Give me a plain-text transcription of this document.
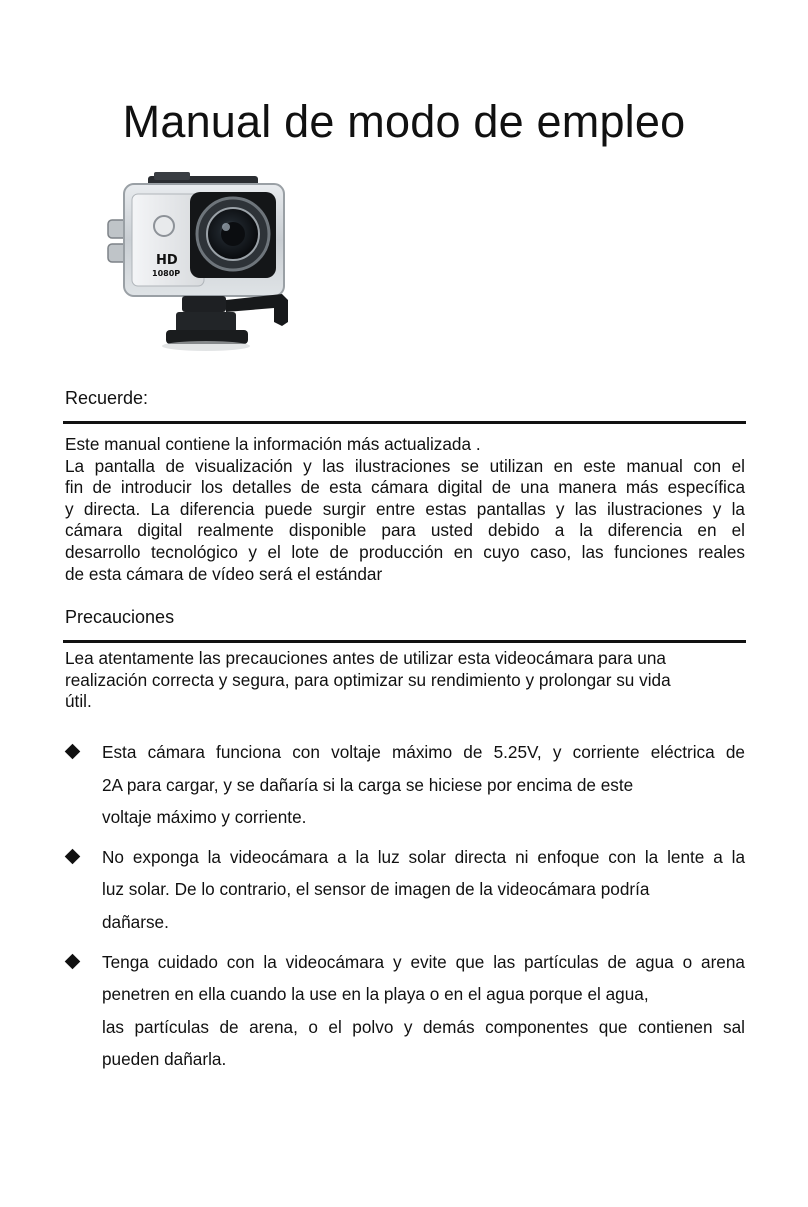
Manual de modo de empleo
HD
1080P
Recuerde:
Este manual contiene la información más actualizada .
La pantalla de visualización y las ilustraciones se utilizan en este manual con el
fin de introducir los detalles de esta cámara digital de una manera más específica
y directa. La diferencia puede surgir entre estas pantallas y las ilustraciones y la
cámara digital realmente disponible para usted debido a la diferencia en el
desarrollo tecnológico y el lote de producción en cuyo caso, las funciones reales
de esta cámara de vídeo será el estándar
Precauciones
Lea atentamente las precauciones antes de utilizar esta videocámara para una
realización correcta y segura, para optimizar su rendimiento y prolongar su vida
útil.
Esta cámara funciona con voltaje máximo de 5.25V, y corriente eléctrica de
2A para cargar, y se dañaría si la carga se hiciese por encima de este
voltaje máximo y corriente.
No exponga la videocámara a la luz solar directa ni enfoque con la lente a la
luz solar. De lo contrario, el sensor de imagen de la videocámara podría
dañarse.
Tenga cuidado con la videocámara y evite que las partículas de agua o arena
penetren en ella cuando la use en la playa o en el agua porque el agua,
las partículas de arena, o el polvo y demás componentes que contienen sal
pueden dañarla.
